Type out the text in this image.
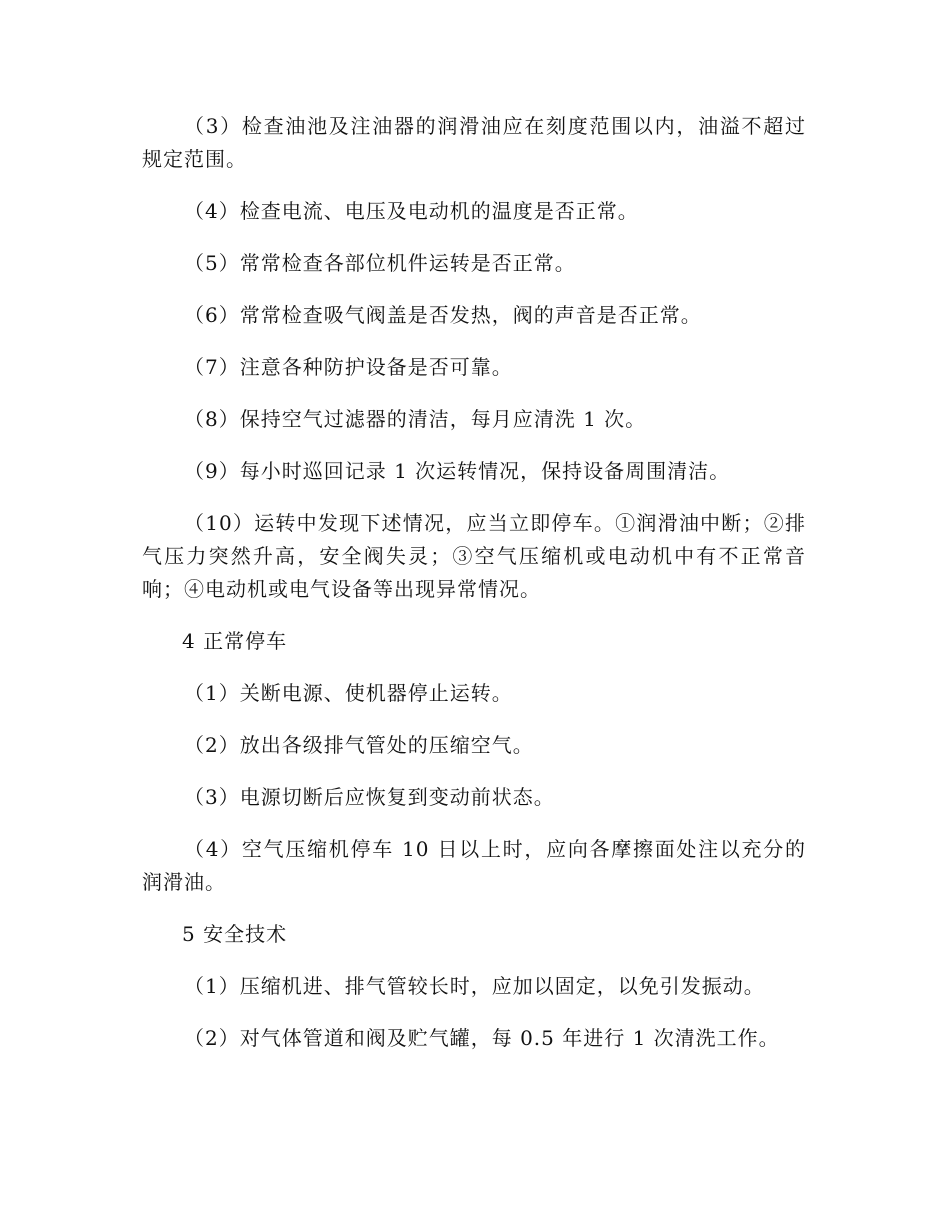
（3）检查油池及注油器的润滑油应在刻度范围以内，油溢不超过规定范围。

（4）检查电流、电压及电动机的温度是否正常。

（5）常常检查各部位机件运转是否正常。

（6）常常检查吸气阀盖是否发热，阀的声音是否正常。

（7）注意各种防护设备是否可靠。

（8）保持空气过滤器的清洁，每月应清洗 1 次。

（9）每小时巡回记录 1 次运转情况，保持设备周围清洁。

（10）运转中发现下述情况，应当立即停车。①润滑油中断；②排气压力突然升高，安全阀失灵；③空气压缩机或电动机中有不正常音响；④电动机或电气设备等出现异常情况。

4 正常停车

（1）关断电源、使机器停止运转。

（2）放出各级排气管处的压缩空气。

（3）电源切断后应恢复到变动前状态。

（4）空气压缩机停车 10 日以上时，应向各摩擦面处注以充分的润滑油。

5 安全技术

（1）压缩机进、排气管较长时，应加以固定，以免引发振动。

（2）对气体管道和阀及贮气罐，每 0.5 年进行 1 次清洗工作。
